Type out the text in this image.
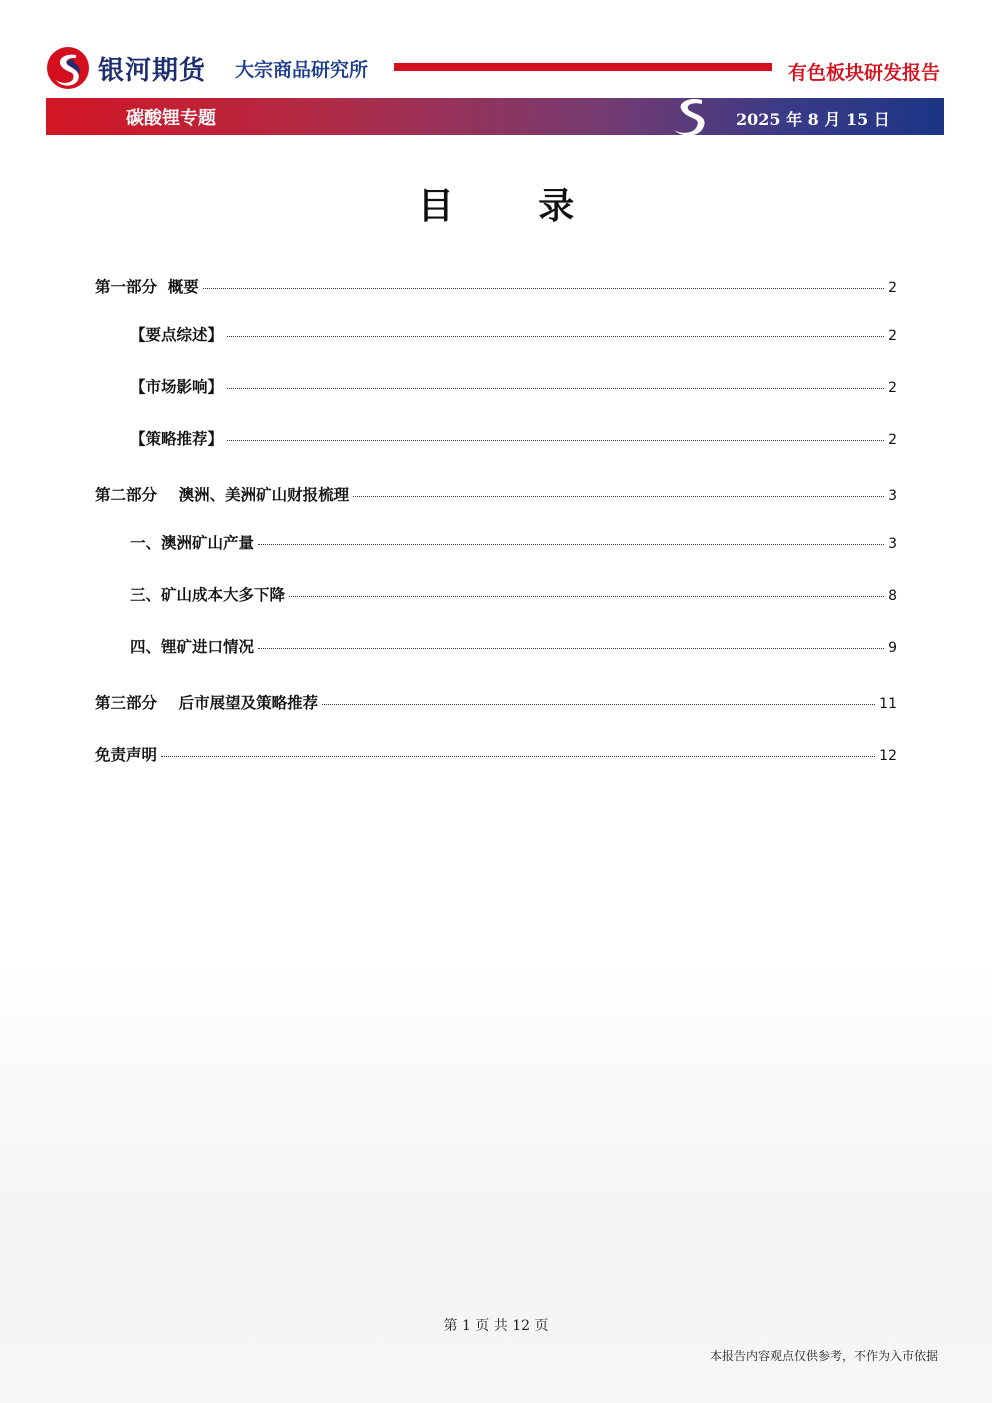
银河期货 大宗商品研究所	有色板块研发报告
碳酸锂专题	2025 年 8 月 15 日
目 录
第一部分  概要	2
【要点综述】	2
【市场影响】	2
【策略推荐】	2
第二部分    澳洲、美洲矿山财报梳理	3
一、澳洲矿山产量	3
三、矿山成本大多下降	8
四、锂矿进口情况	9
第三部分    后市展望及策略推荐	11
免责声明	12
第 1 页 共 12 页
本报告内容观点仅供参考，不作为入市依据
